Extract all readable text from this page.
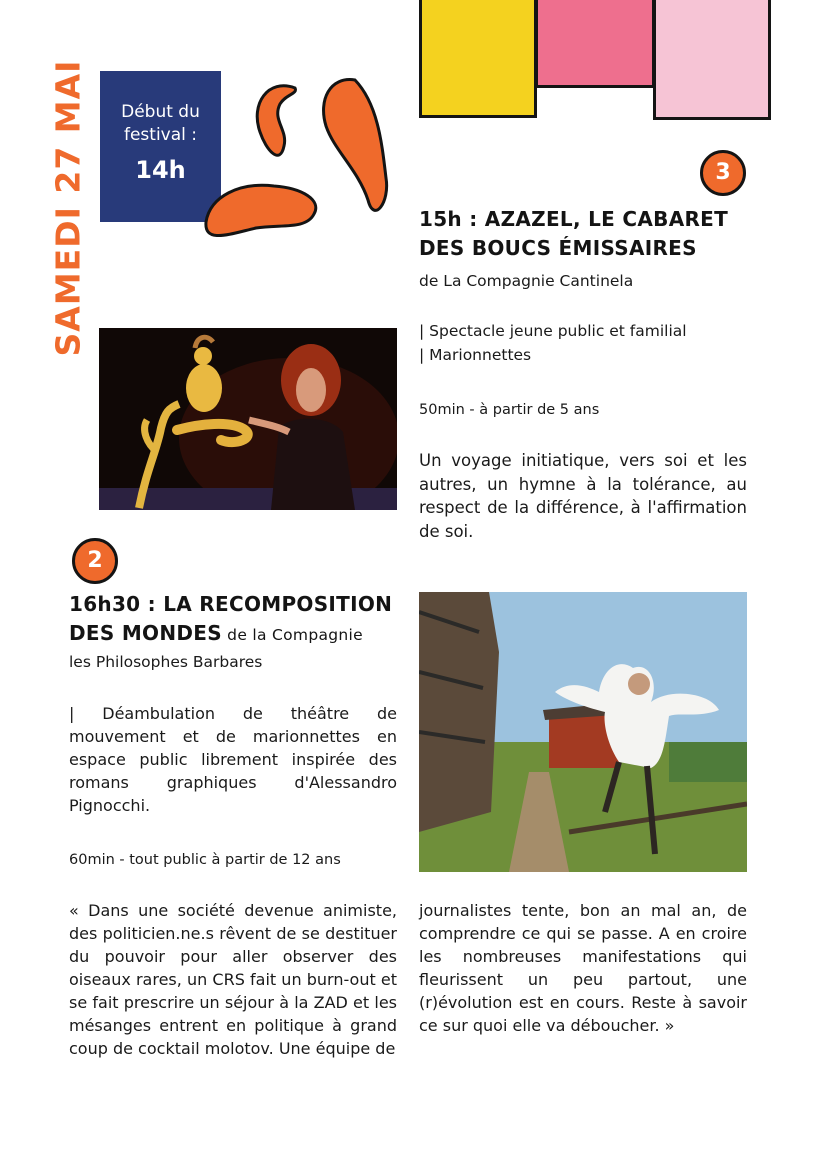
SAMEDI 27 MAI	Début du
festival :
14h	3
15h : AZAZEL, LE CABARET
DES BOUCS ÉMISSAIRES
de La Compagnie Cantinela
| Spectacle jeune public et familial
| Marionnettes
50min - à partir de 5 ans
Un voyage initiatique, vers soi et les autres, un hymne à la tolérance, au respect de la différence, à l'affirmation de soi.
2
16h30 : LA RECOMPOSITION
DES MONDES de la Compagnie
les Philosophes Barbares
| Déambulation de théâtre de mouvement et de marionnettes en espace public librement inspirée des romans graphiques d'Alessandro Pignocchi.
60min - tout public à partir de 12 ans
« Dans une société devenue animiste, des politicien.ne.s rêvent de se destituer du pouvoir pour aller observer des oiseaux rares, un CRS fait un burn-out et se fait prescrire un séjour à la ZAD et les mésanges entrent en politique à grand coup de cocktail molotov. Une équipe de
journalistes tente, bon an mal an, de comprendre ce qui se passe. A en croire les nombreuses manifestations qui fleurissent un peu partout, une (r)évolution est en cours. Reste à savoir ce sur quoi elle va déboucher. »
